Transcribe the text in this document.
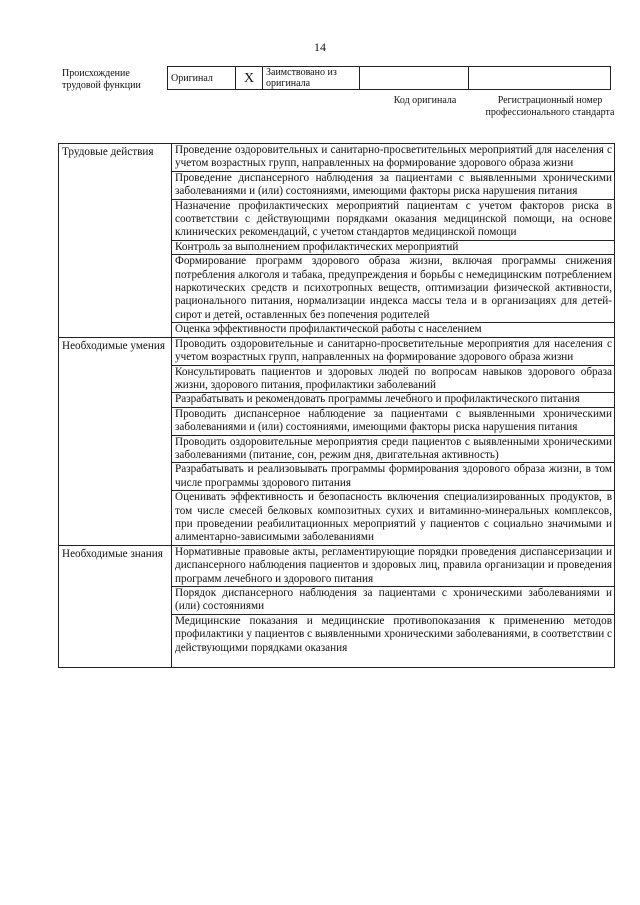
14
Происхождение трудовой функции
Оригинал	X	Заимствовано из оригинала		
Код оригинала	Регистрационный номер профессионального стандарта
Трудовые действия	Проведение оздоровительных и санитарно-просветительных мероприятий для населения с учетом возрастных групп, направленных на формирование здорового образа жизни
	Проведение диспансерного наблюдения за пациентами с выявленными хроническими заболеваниями и (или) состояниями, имеющими факторы риска нарушения питания
	Назначение профилактических мероприятий пациентам с учетом факторов риска в соответствии с действующими порядками оказания медицинской помощи, на основе клинических рекомендаций, с учетом стандартов медицинской помощи
	Контроль за выполнением профилактических мероприятий
	Формирование программ здорового образа жизни, включая программы снижения потребления алкоголя и табака, предупреждения и борьбы с немедицинским потреблением наркотических средств и психотропных веществ, оптимизации физической активности, рационального питания, нормализации индекса массы тела и в организациях для детей-сирот и детей, оставленных без попечения родителей
	Оценка эффективности профилактической работы с населением
Необходимые умения	Проводить оздоровительные и санитарно-просветительные мероприятия для населения с учетом возрастных групп, направленных на формирование здорового образа жизни
	Консультировать пациентов и здоровых людей по вопросам навыков здорового образа жизни, здорового питания, профилактики заболеваний
	Разрабатывать и рекомендовать программы лечебного и профилактического питания
	Проводить диспансерное наблюдение за пациентами с выявленными хроническими заболеваниями и (или) состояниями, имеющими факторы риска нарушения питания
	Проводить оздоровительные мероприятия среди пациентов с выявленными хроническими заболеваниями (питание, сон, режим дня, двигательная активность)
	Разрабатывать и реализовывать программы формирования здорового образа жизни, в том числе программы здорового питания
	Оценивать эффективность и безопасность включения специализированных продуктов, в том числе смесей белковых композитных сухих и витаминно-минеральных комплексов, при проведении реабилитационных мероприятий у пациентов с социально значимыми и алиментарно-зависимыми заболеваниями
Необходимые знания	Нормативные правовые акты, регламентирующие порядки проведения диспансеризации и диспансерного наблюдения пациентов и здоровых лиц, правила организации и проведения программ лечебного и здорового питания
	Порядок диспансерного наблюдения за пациентами с хроническими заболеваниями и (или) состояниями
	Медицинские показания и медицинские противопоказания к применению методов профилактики у пациентов с выявленными хроническими заболеваниями, в соответствии с действующими порядками оказания
